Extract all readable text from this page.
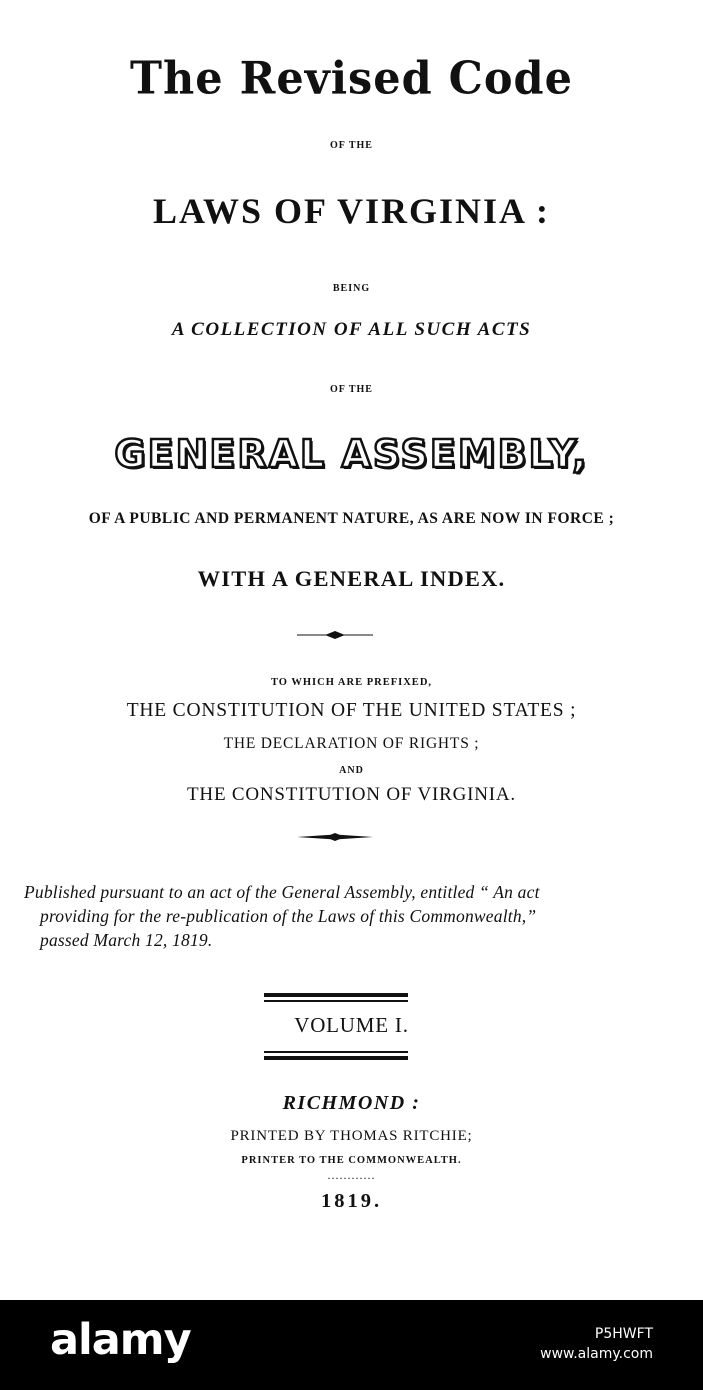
The Revised Code
OF THE
LAWS OF VIRGINIA :
BEING
A COLLECTION OF ALL SUCH ACTS
OF THE
GENERAL ASSEMBLY,
OF A PUBLIC AND PERMANENT NATURE, AS ARE NOW IN FORCE ;
WITH A GENERAL INDEX.
TO WHICH ARE PREFIXED,
THE CONSTITUTION OF THE UNITED STATES ;
THE DECLARATION OF RIGHTS ;
AND
THE CONSTITUTION OF VIRGINIA.
Published pursuant to an act of the General Assembly, entitled “ An act
providing for the re-publication of the Laws of this Commonwealth,”
passed March 12, 1819.
VOLUME I.
RICHMOND :
PRINTED BY THOMAS RITCHIE;
PRINTER TO THE COMMONWEALTH.
............
1819.
alamy	P5HWFT
www.alamy.com
